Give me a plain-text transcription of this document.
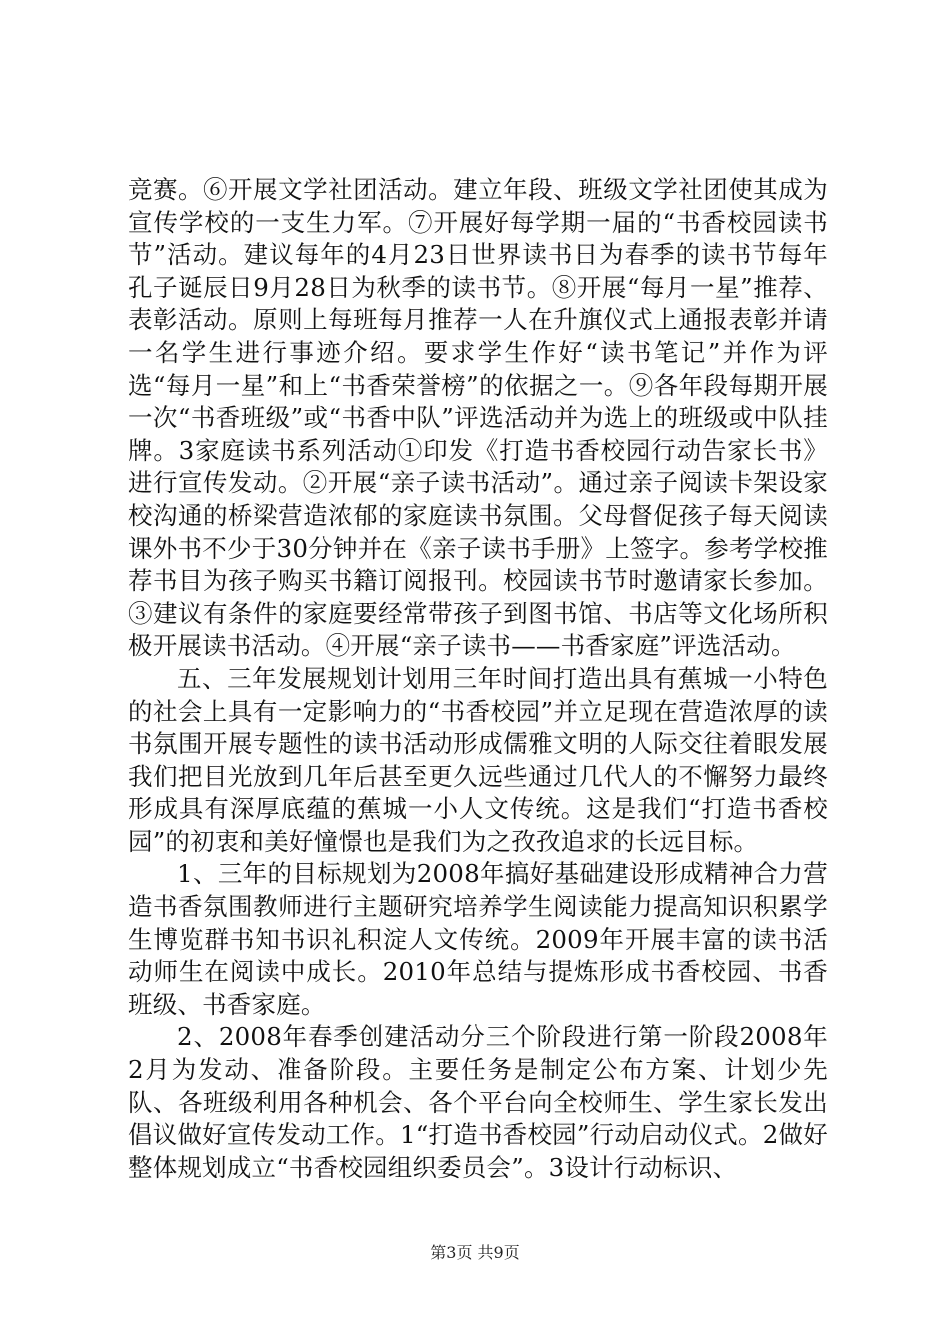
竞赛。⑥开展文学社团活动。建立年段、班级文学社团使其成为宣传学校的一支生力军。⑦开展好每学期一届的“书香校园读书节”活动。建议每年的4月23日世界读书日为春季的读书节每年孔子诞辰日9月28日为秋季的读书节。⑧开展“每月一星”推荐、表彰活动。原则上每班每月推荐一人在升旗仪式上通报表彰并请一名学生进行事迹介绍。要求学生作好“读书笔记”并作为评选“每月一星”和上“书香荣誉榜”的依据之一。⑨各年段每期开展一次“书香班级”或“书香中队”评选活动并为选上的班级或中队挂牌。3家庭读书系列活动①印发《打造书香校园行动告家长书》进行宣传发动。②开展“亲子读书活动”。通过亲子阅读卡架设家校沟通的桥梁营造浓郁的家庭读书氛围。父母督促孩子每天阅读课外书不少于30分钟并在《亲子读书手册》上签字。参考学校推荐书目为孩子购买书籍订阅报刊。校园读书节时邀请家长参加。③建议有条件的家庭要经常带孩子到图书馆、书店等文化场所积极开展读书活动。④开展“亲子读书——书香家庭”评选活动。

五、三年发展规划计划用三年时间打造出具有蕉城一小特色的社会上具有一定影响力的“书香校园”并立足现在营造浓厚的读书氛围开展专题性的读书活动形成儒雅文明的人际交往着眼发展我们把目光放到几年后甚至更久远些通过几代人的不懈努力最终形成具有深厚底蕴的蕉城一小人文传统。这是我们“打造书香校园”的初衷和美好憧憬也是我们为之孜孜追求的长远目标。

1、三年的目标规划为2008年搞好基础建设形成精神合力营造书香氛围教师进行主题研究培养学生阅读能力提高知识积累学生博览群书知书识礼积淀人文传统。2009年开展丰富的读书活动师生在阅读中成长。2010年总结与提炼形成书香校园、书香班级、书香家庭。

2、2008年春季创建活动分三个阶段进行第一阶段2008年2月为发动、准备阶段。主要任务是制定公布方案、计划少先队、各班级利用各种机会、各个平台向全校师生、学生家长发出倡议做好宣传发动工作。1“打造书香校园”行动启动仪式。2做好整体规划成立“书香校园组织委员会”。3设计行动标识、

第3页 共9页
